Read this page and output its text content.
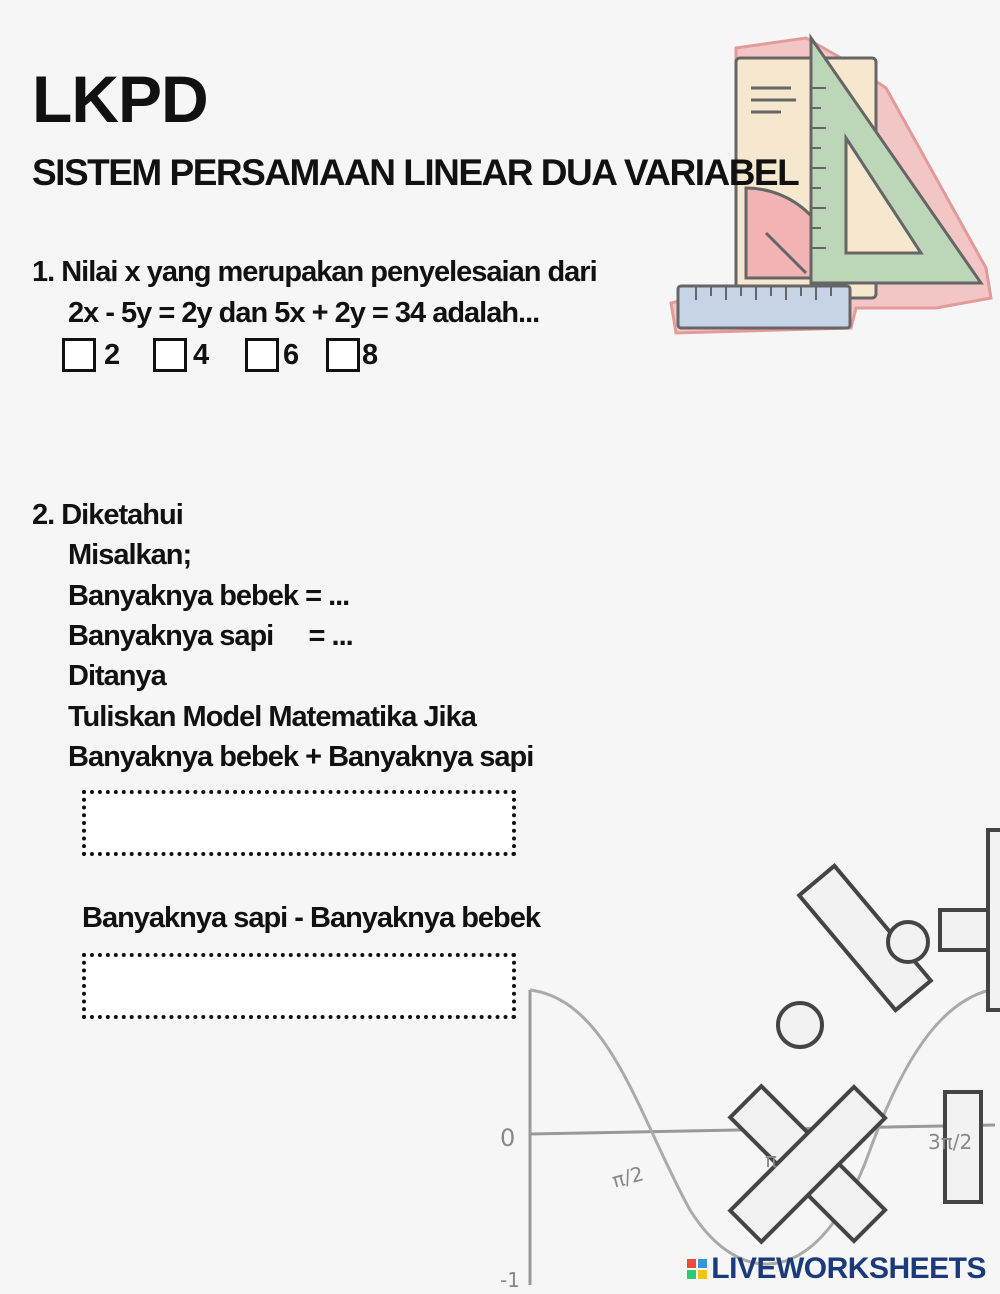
0
-1
π/2
π
3π/2
LKPD
SISTEM PERSAMAAN LINEAR DUA VARIABEL
1. Nilai x yang merupakan penyelesaian dari
2x - 5y = 2y dan 5x + 2y = 34 adalah...
2	4	6 8
2. Diketahui
Misalkan;
Banyaknya bebek = ...
Banyaknya sapi     = ...
Ditanya
Tuliskan Model Matematika Jika
Banyaknya bebek + Banyaknya sapi
Banyaknya sapi - Banyaknya bebek
LIVEWORKSHEETS
